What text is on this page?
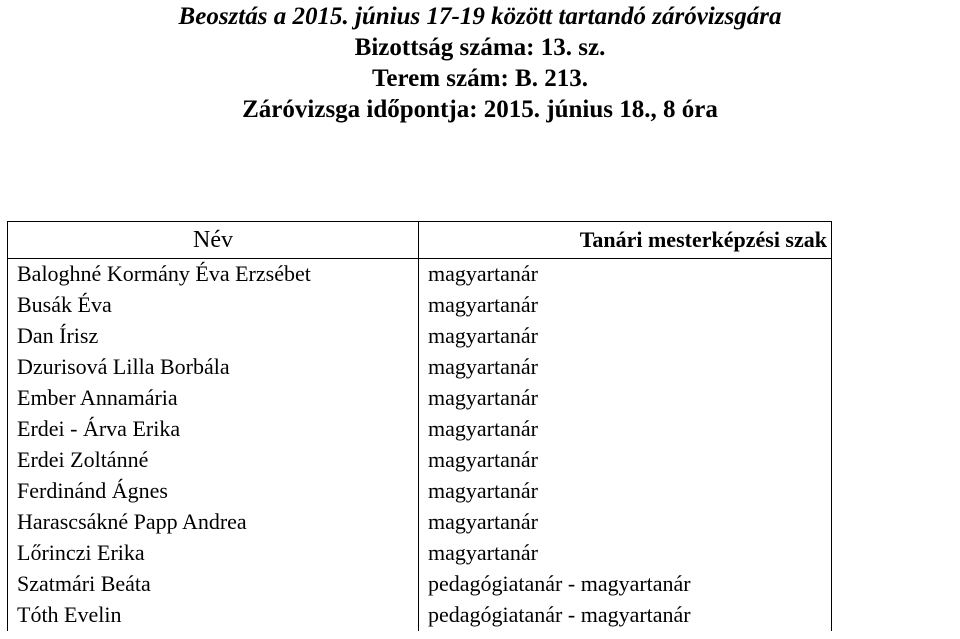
Beosztás a 2015. június 17-19 között tartandó záróvizsgára
Bizottság száma: 13. sz.
Terem szám: B. 213.
Záróvizsga időpontja: 2015. június 18., 8 óra
Név	Tanári mesterképzési szak
Baloghné Kormány Éva Erzsébet	magyartanár
Busák Éva	magyartanár
Dan Írisz	magyartanár
Dzurisová Lilla Borbála	magyartanár
Ember Annamária	magyartanár
Erdei - Árva Erika	magyartanár
Erdei Zoltánné	magyartanár
Ferdinánd Ágnes	magyartanár
Harascsákné Papp Andrea	magyartanár
Lőrinczi Erika	magyartanár
Szatmári Beáta	pedagógiatanár - magyartanár
Tóth Evelin	pedagógiatanár - magyartanár
